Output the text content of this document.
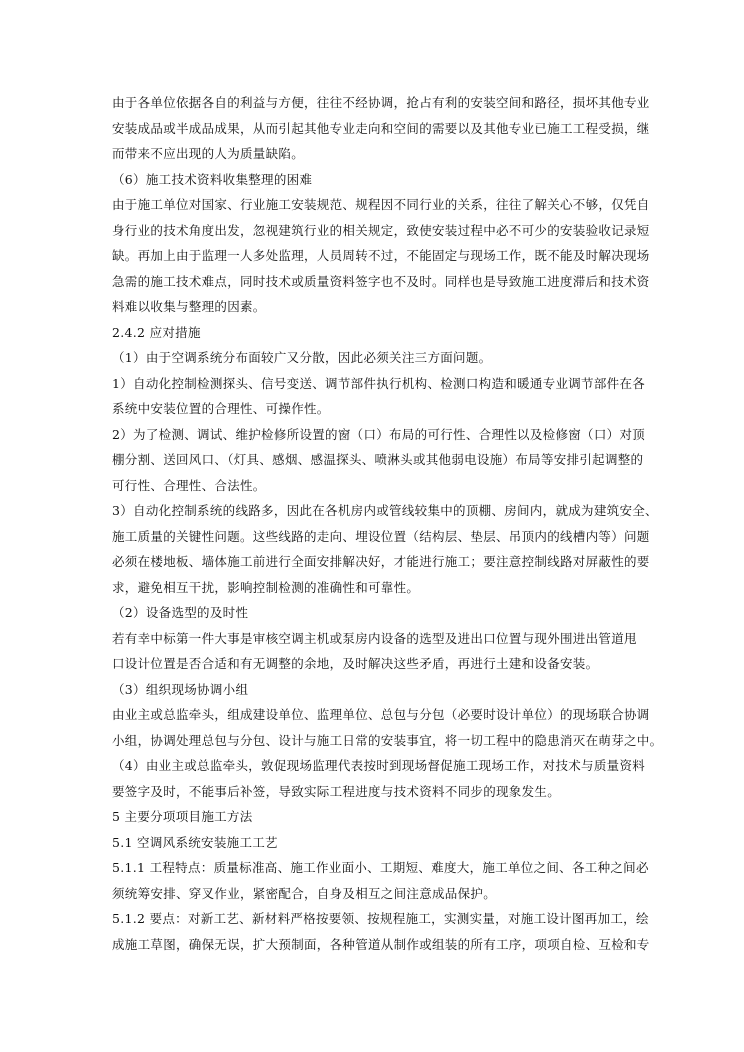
由于各单位依据各自的利益与方便，往往不经协调，抢占有利的安装空间和路径，损坏其他专业
安装成品或半成品成果，从而引起其他专业走向和空间的需要以及其他专业已施工工程受损，继
而带来不应出现的人为质量缺陷。
（6）施工技术资料收集整理的困难
由于施工单位对国家、行业施工安装规范、规程因不同行业的关系，往往了解关心不够，仅凭自
身行业的技术角度出发，忽视建筑行业的相关规定，致使安装过程中必不可少的安装验收记录短
缺。再加上由于监理一人多处监理，人员周转不过，不能固定与现场工作，既不能及时解决现场
急需的施工技术难点，同时技术或质量资料签字也不及时。同样也是导致施工进度滞后和技术资
料难以收集与整理的因素。
2.4.2 应对措施
（1）由于空调系统分布面较广又分散，因此必须关注三方面问题。
1）自动化控制检测探头、信号变送、调节部件执行机构、检测口构造和暖通专业调节部件在各
系统中安装位置的合理性、可操作性。
2）为了检测、调试、维护检修所设置的窗（口）布局的可行性、合理性以及检修窗（口）对顶
棚分割、送回风口、（灯具、感烟、感温探头、喷淋头或其他弱电设施）布局等安排引起调整的
可行性、合理性、合法性。
3）自动化控制系统的线路多，因此在各机房内或管线较集中的顶棚、房间内，就成为建筑安全、
施工质量的关键性问题。这些线路的走向、埋设位置（结构层、垫层、吊顶内的线槽内等）问题
必须在楼地板、墙体施工前进行全面安排解决好，才能进行施工；要注意控制线路对屏蔽性的要
求，避免相互干扰，影响控制检测的准确性和可靠性。
（2）设备选型的及时性
若有幸中标第一件大事是审核空调主机或泵房内设备的选型及进出口位置与现外围进出管道甩
口设计位置是否合适和有无调整的余地，及时解决这些矛盾，再进行土建和设备安装。
（3）组织现场协调小组
由业主或总监牵头，组成建设单位、监理单位、总包与分包（必要时设计单位）的现场联合协调
小组，协调处理总包与分包、设计与施工日常的安装事宜，将一切工程中的隐患消灭在萌芽之中。
（4）由业主或总监牵头，敦促现场监理代表按时到现场督促施工现场工作，对技术与质量资料
要签字及时，不能事后补签，导致实际工程进度与技术资料不同步的现象发生。
5 主要分项项目施工方法
5.1 空调风系统安装施工工艺
5.1.1 工程特点：质量标准高、施工作业面小、工期短、难度大，施工单位之间、各工种之间必
须统筹安排、穿叉作业，紧密配合，自身及相互之间注意成品保护。
5.1.2 要点：对新工艺、新材料严格按要领、按规程施工，实测实量，对施工设计图再加工，绘
成施工草图，确保无误，扩大预制面，各种管道从制作或组装的所有工序，项项自检、互检和专
